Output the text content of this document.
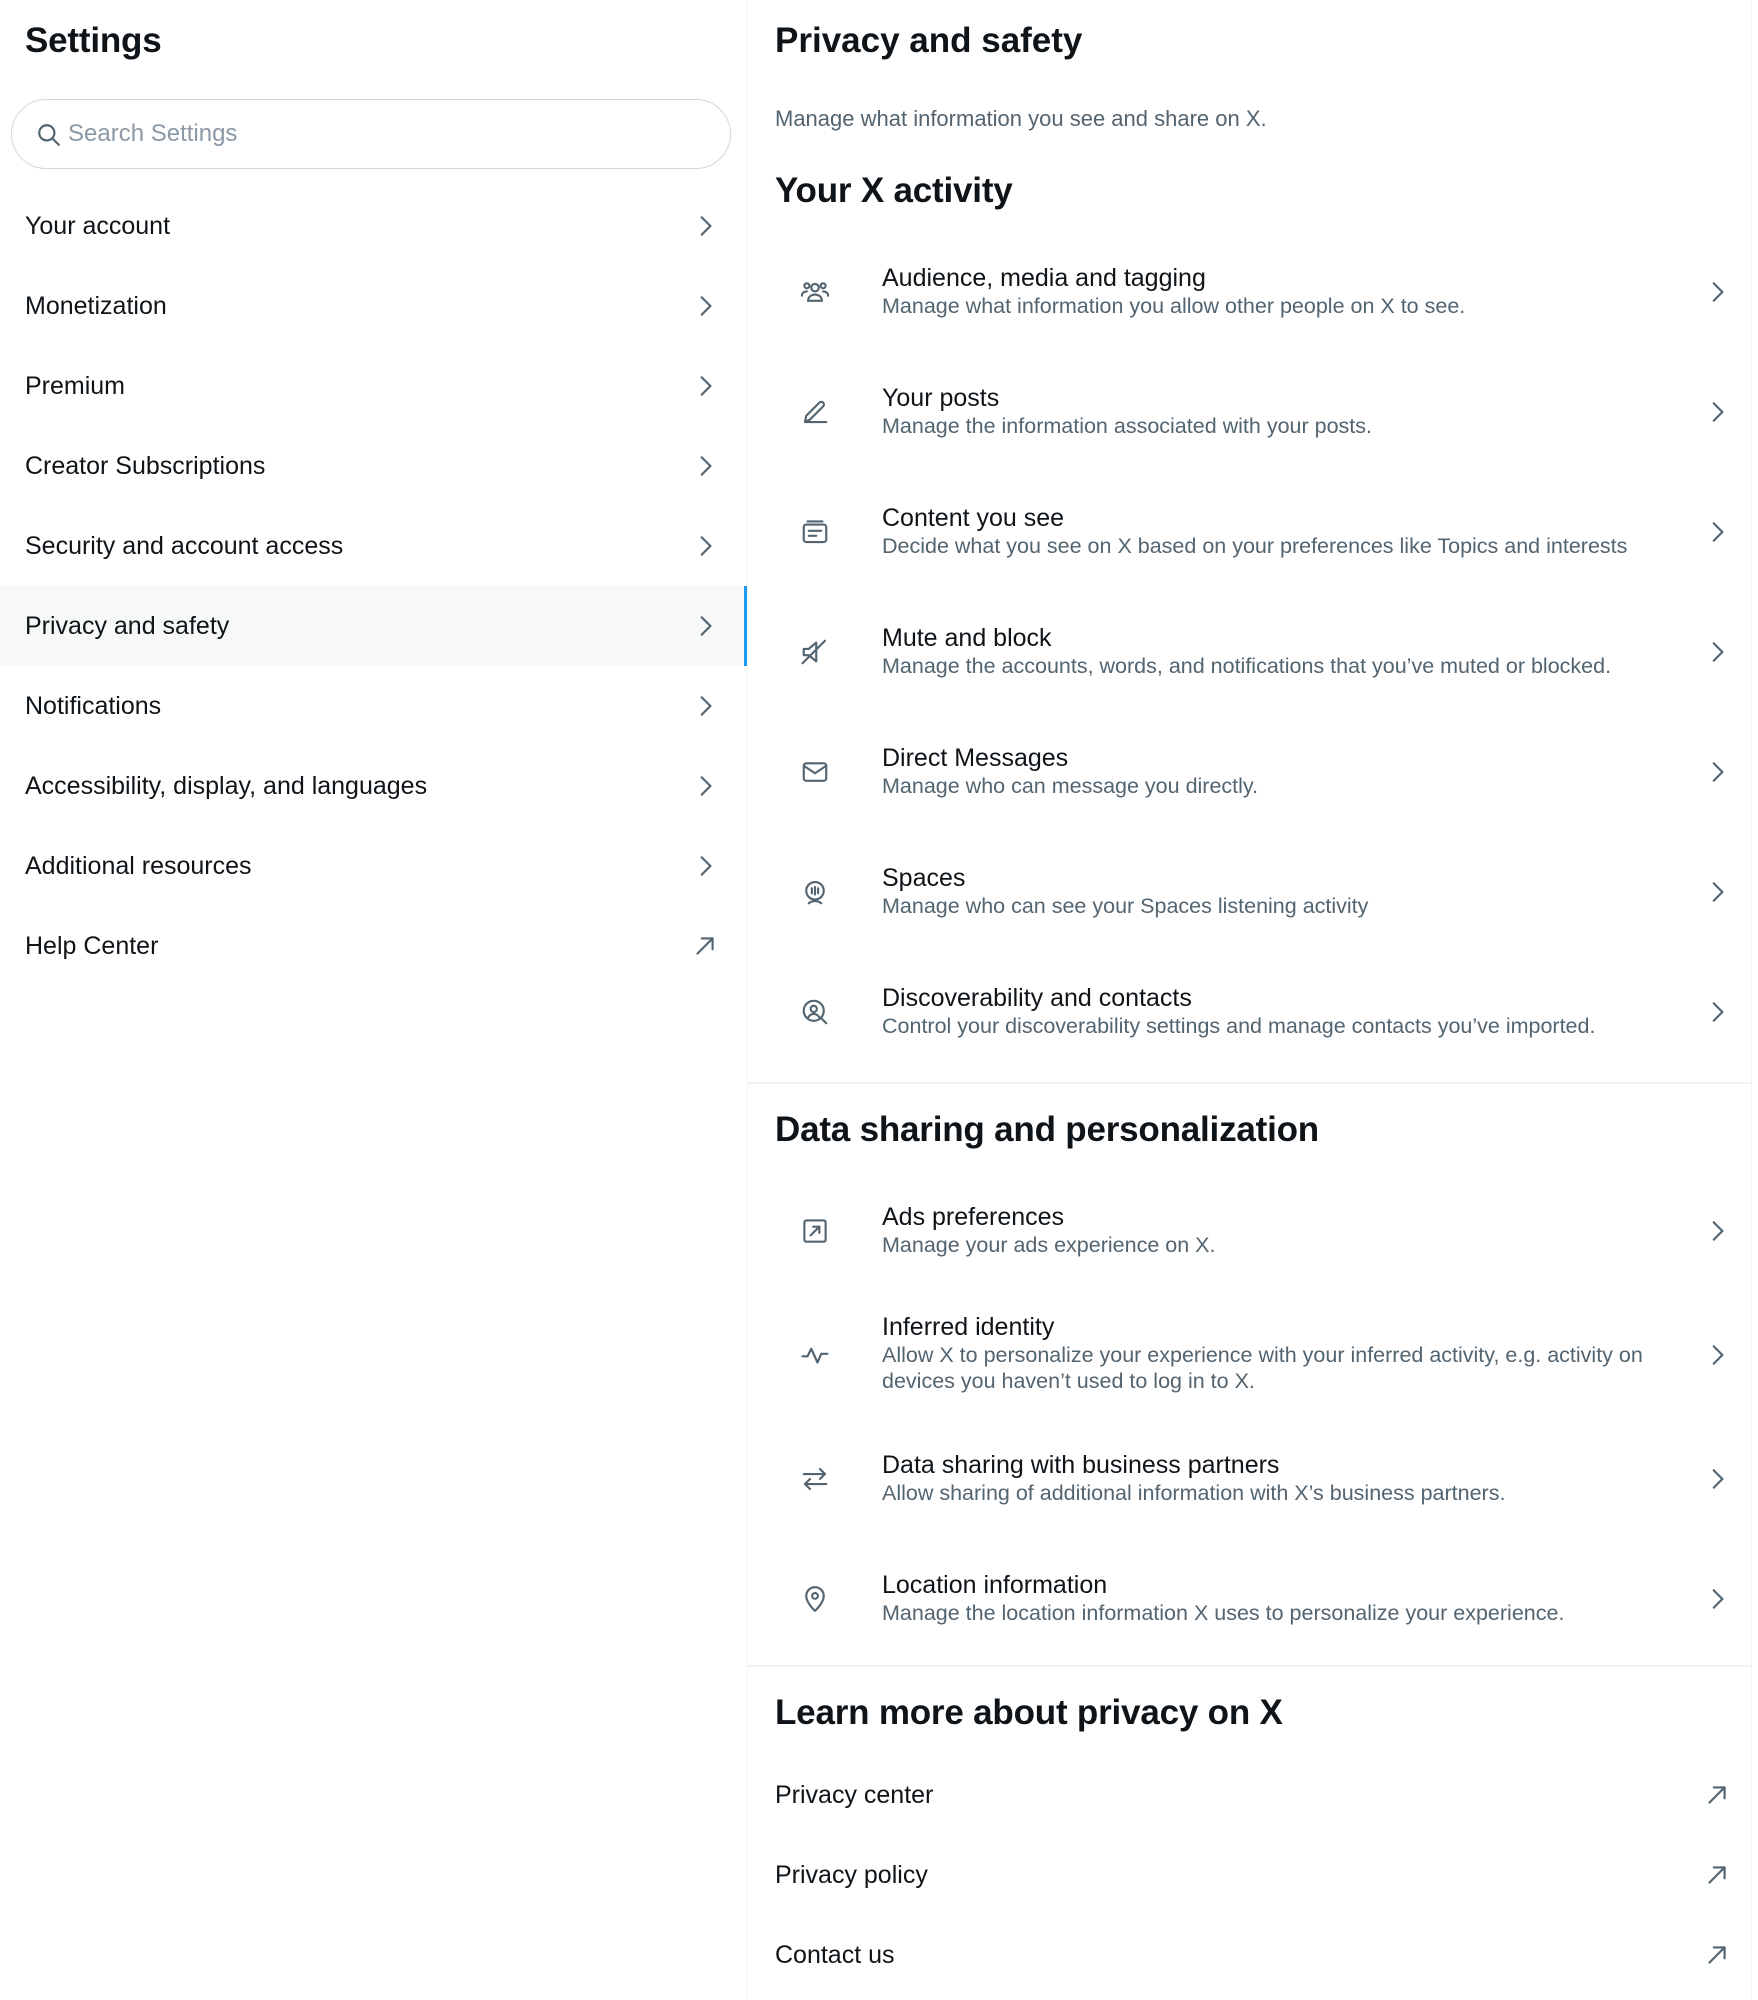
Settings
Search Settings
Your account
Monetization
Premium
Creator Subscriptions
Security and account access
Privacy and safety
Notifications
Accessibility, display, and languages
Additional resources
Help Center
Privacy and safety
Manage what information you see and share on X.
Your X activity
Audience, media and tagging
Manage what information you allow other people on X to see.
Your posts
Manage the information associated with your posts.
Content you see
Decide what you see on X based on your preferences like Topics and interests
Mute and block
Manage the accounts, words, and notifications that you’ve muted or blocked.
Direct Messages
Manage who can message you directly.
Spaces
Manage who can see your Spaces listening activity
Discoverability and contacts
Control your discoverability settings and manage contacts you’ve imported.
Data sharing and personalization
Ads preferences
Manage your ads experience on X.
Inferred identity
Allow X to personalize your experience with your inferred activity, e.g. activity on devices you haven’t used to log in to X.
Data sharing with business partners
Allow sharing of additional information with X’s business partners.
Location information
Manage the location information X uses to personalize your experience.
Learn more about privacy on X
Privacy center
Privacy policy
Contact us
